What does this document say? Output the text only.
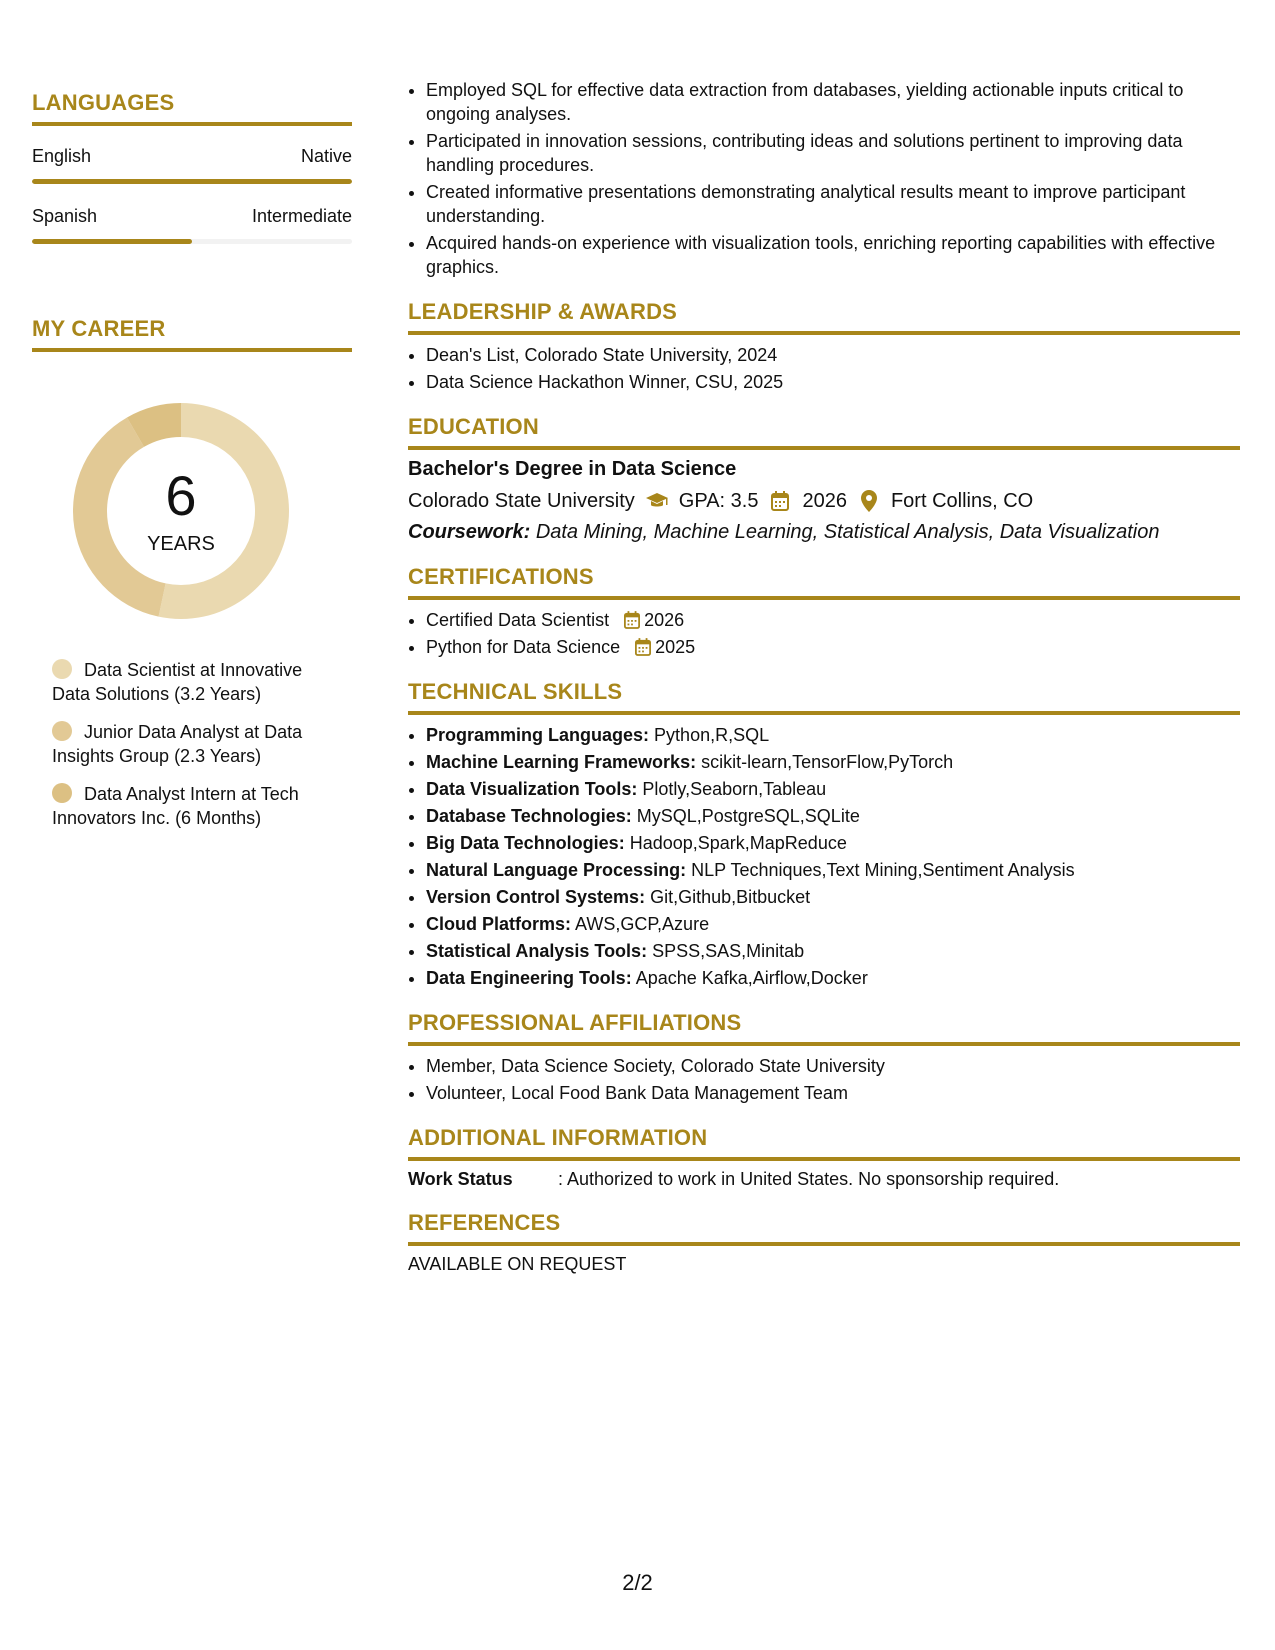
LANGUAGES
English	Native
Spanish	Intermediate
MY CAREER
6
YEARS
Data Scientist at Innovative Data Solutions (3.2 Years)
Junior Data Analyst at Data Insights Group (2.3 Years)
Data Analyst Intern at Tech Innovators Inc. (6 Months)
• Employed SQL for effective data extraction from databases, yielding actionable inputs critical to ongoing analyses.
• Participated in innovation sessions, contributing ideas and solutions pertinent to improving data handling procedures.
• Created informative presentations demonstrating analytical results meant to improve participant understanding.
• Acquired hands-on experience with visualization tools, enriching reporting capabilities with effective graphics.
LEADERSHIP & AWARDS
• Dean's List, Colorado State University, 2024
• Data Science Hackathon Winner, CSU, 2025
EDUCATION
Bachelor's Degree in Data Science
Colorado State University GPA: 3.5 2026 Fort Collins, CO
Coursework: Data Mining, Machine Learning, Statistical Analysis, Data Visualization
CERTIFICATIONS
• Certified Data Scientist 2026
• Python for Data Science 2025
TECHNICAL SKILLS
• Programming Languages: Python,R,SQL
• Machine Learning Frameworks: scikit-learn,TensorFlow,PyTorch
• Data Visualization Tools: Plotly,Seaborn,Tableau
• Database Technologies: MySQL,PostgreSQL,SQLite
• Big Data Technologies: Hadoop,Spark,MapReduce
• Natural Language Processing: NLP Techniques,Text Mining,Sentiment Analysis
• Version Control Systems: Git,Github,Bitbucket
• Cloud Platforms: AWS,GCP,Azure
• Statistical Analysis Tools: SPSS,SAS,Minitab
• Data Engineering Tools: Apache Kafka,Airflow,Docker
PROFESSIONAL AFFILIATIONS
• Member, Data Science Society, Colorado State University
• Volunteer, Local Food Bank Data Management Team
ADDITIONAL INFORMATION
Work Status	: Authorized to work in United States. No sponsorship required.
REFERENCES
AVAILABLE ON REQUEST
2/2
